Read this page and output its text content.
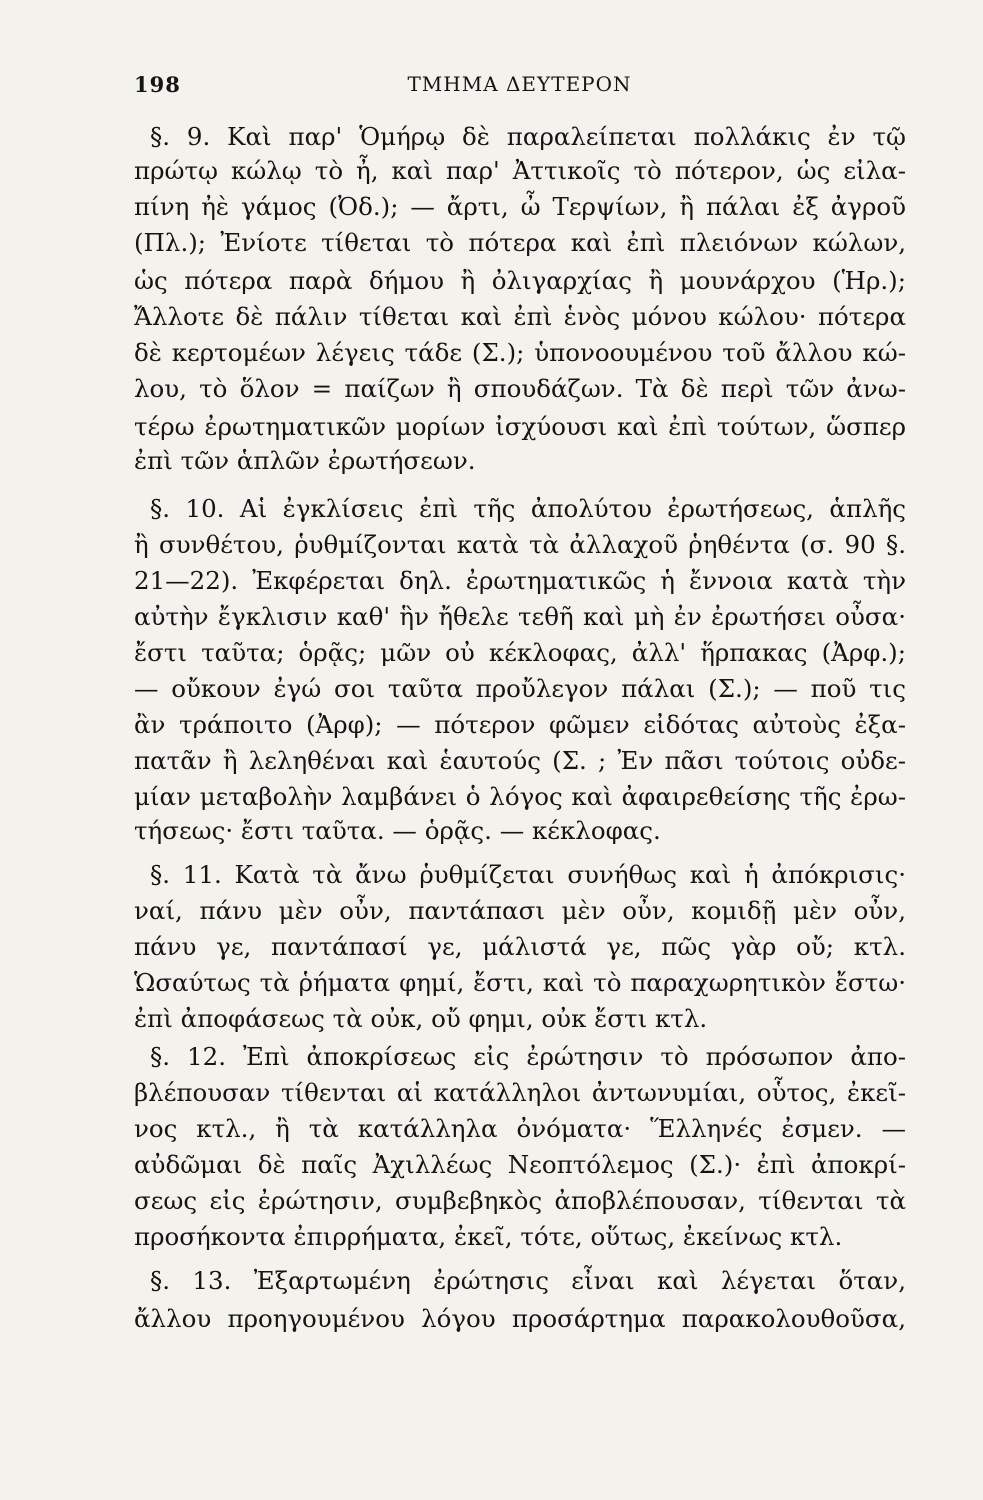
198	ΤΜΗΜΑ ΔΕΥΤΕΡΟΝ
§. 9. Καὶ παρ' Ὁμήρῳ δὲ παραλείπεται πολλάκις ἐν τῷ
πρώτῳ κώλῳ τὸ ἦ, καὶ παρ' Ἀττικοῖς τὸ πότερον, ὡς εἰλα-
πίνη ἠὲ γάμος (Ὀδ.); — ἄρτι, ὦ Τερψίων, ἢ πάλαι ἐξ ἀγροῦ
(Πλ.); Ἐνίοτε τίθεται τὸ πότερα καὶ ἐπὶ πλειόνων κώλων,
ὡς πότερα παρὰ δήμου ἢ ὀλιγαρχίας ἢ μουνάρχου (Ἡρ.);
Ἄλλοτε δὲ πάλιν τίθεται καὶ ἐπὶ ἑνὸς μόνου κώλου· πότερα
δὲ κερτομέων λέγεις τάδε (Σ.); ὑπονοουμένου τοῦ ἄλλου κώ-
λου, τὸ ὅλον = παίζων ἢ σπουδάζων. Τὰ δὲ περὶ τῶν ἀνω-
τέρω ἐρωτηματικῶν μορίων ἰσχύουσι καὶ ἐπὶ τούτων, ὥσπερ
ἐπὶ τῶν ἁπλῶν ἐρωτήσεων.
§. 10. Αἱ ἐγκλίσεις ἐπὶ τῆς ἀπολύτου ἐρωτήσεως, ἁπλῆς
ἢ συνθέτου, ῥυθμίζονται κατὰ τὰ ἀλλαχοῦ ῥηθέντα (σ. 90 §.
21—22). Ἐκφέρεται δηλ. ἐρωτηματικῶς ἡ ἔννοια κατὰ τὴν
αὐτὴν ἔγκλισιν καθ' ἣν ἤθελε τεθῆ καὶ μὴ ἐν ἐρωτήσει οὖσα·
ἔστι ταῦτα; ὁρᾷς; μῶν οὐ κέκλοφας, ἀλλ' ἥρπακας (Ἀρφ.);
— οὔκουν ἐγώ σοι ταῦτα προὔλεγον πάλαι (Σ.); — ποῦ τις
ἂν τράποιτο (Ἀρφ); — πότερον φῶμεν εἰδότας αὐτοὺς ἐξα-
πατᾶν ἢ λεληθέναι καὶ ἑαυτούς (Σ. ; Ἐν πᾶσι τούτοις οὐδε-
μίαν μεταβολὴν λαμβάνει ὁ λόγος καὶ ἀφαιρεθείσης τῆς ἐρω-
τήσεως· ἔστι ταῦτα. — ὁρᾷς. — κέκλοφας.
§. 11. Κατὰ τὰ ἄνω ῥυθμίζεται συνήθως καὶ ἡ ἀπόκρισις·
ναί, πάνυ μὲν οὖν, παντάπασι μὲν οὖν, κομιδῇ μὲν οὖν,
πάνυ γε, παντάπασί γε, μάλιστά γε, πῶς γὰρ οὔ; κτλ.
Ὡσαύτως τὰ ῥήματα φημί, ἔστι, καὶ τὸ παραχωρητικὸν ἔστω·
ἐπὶ ἀποφάσεως τὰ οὐκ, οὔ φημι, οὐκ ἔστι κτλ.
§. 12. Ἐπὶ ἀποκρίσεως εἰς ἐρώτησιν τὸ πρόσωπον ἀπο-
βλέπουσαν τίθενται αἱ κατάλληλοι ἀντωνυμίαι, οὗτος, ἐκεῖ-
νος κτλ., ἢ τὰ κατάλληλα ὀνόματα· Ἕλληνές ἐσμεν. —
αὐδῶμαι δὲ παῖς Ἀχιλλέως Νεοπτόλεμος (Σ.)· ἐπὶ ἀποκρί-
σεως εἰς ἐρώτησιν, συμβεβηκὸς ἀποβλέπουσαν, τίθενται τὰ
προσήκοντα ἐπιρρήματα, ἐκεῖ, τότε, οὕτως, ἐκείνως κτλ.
§. 13. Ἐξαρτωμένη ἐρώτησις εἶναι καὶ λέγεται ὅταν,
ἄλλου προηγουμένου λόγου προσάρτημα παρακολουθοῦσα,
